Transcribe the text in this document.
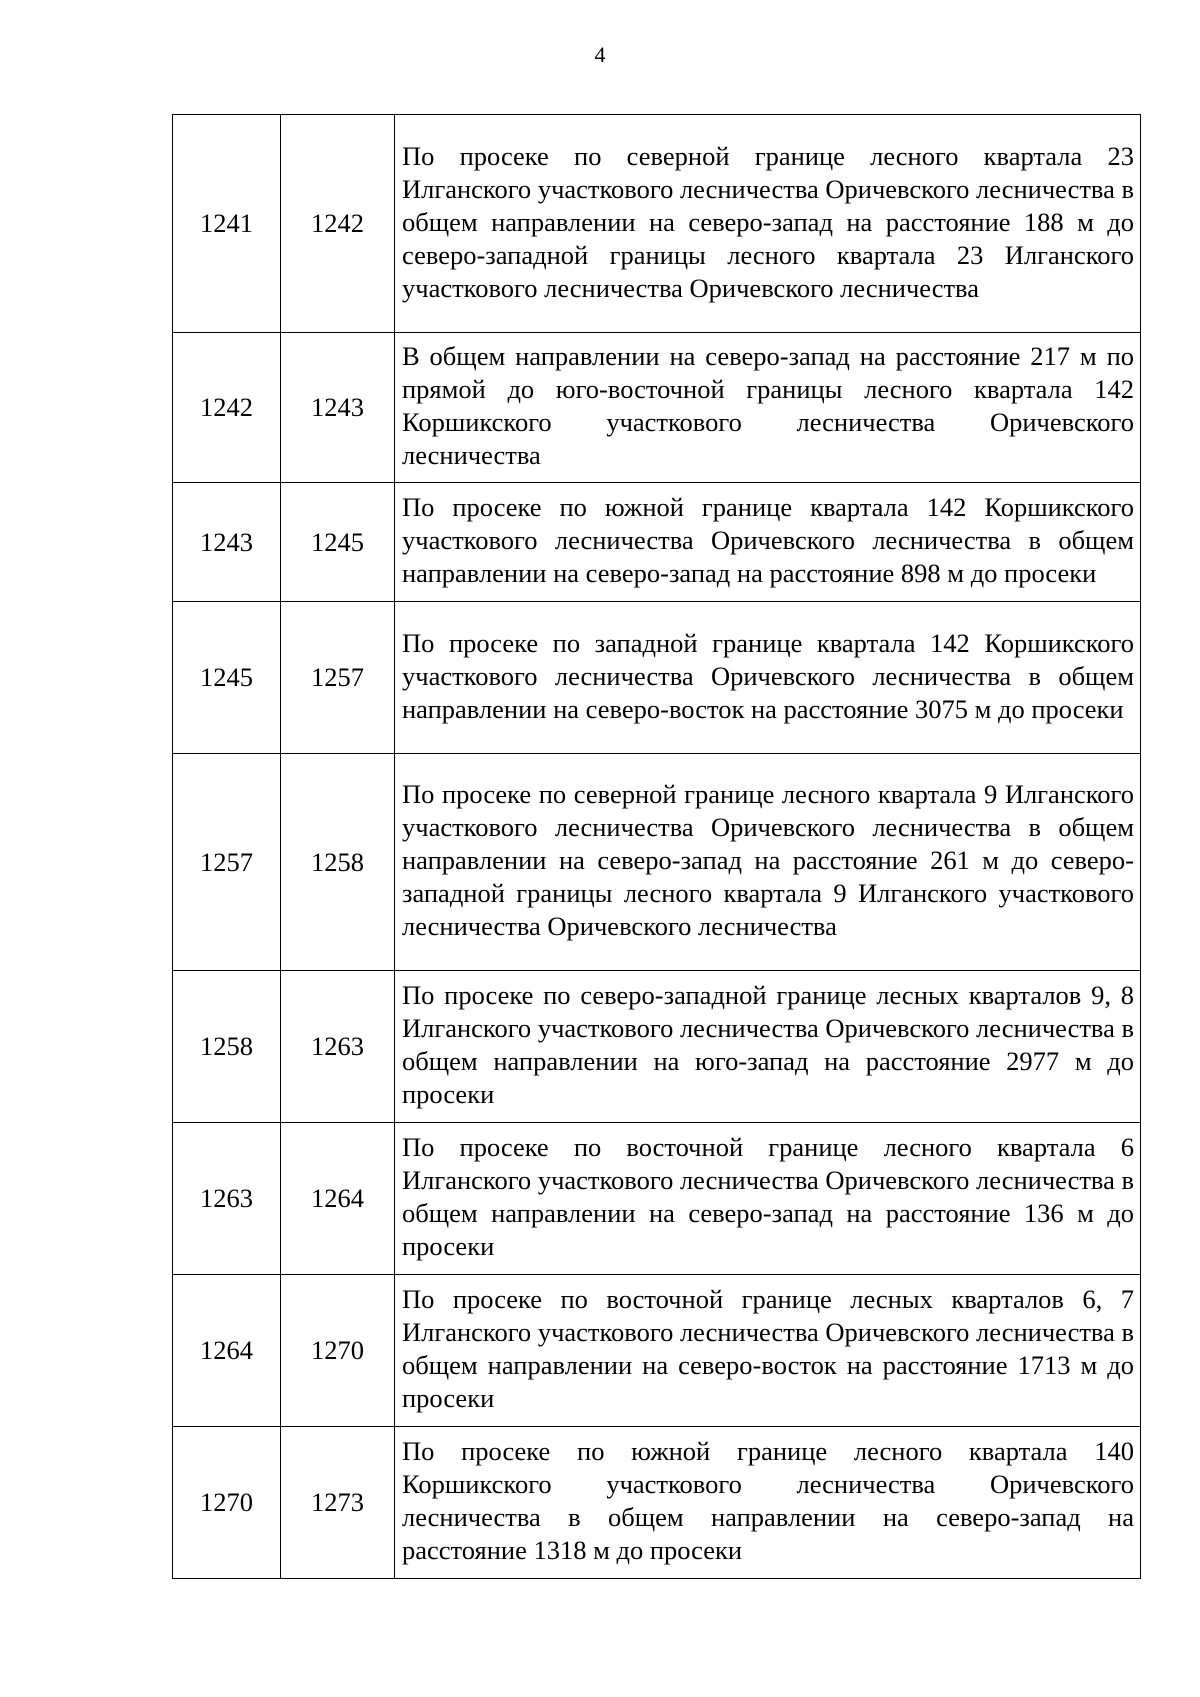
4
1241	1242	По просеке по северной границе лесного квартала 23 Илганского участкового лесничества Оричевского лесничества в общем направлении на северо-запад на расстояние 188 м до северо-западной границы лесного квартала 23 Илганского участкового лесничества Оричевского лесничества
1242	1243	В общем направлении на северо-запад на расстояние 217 м по прямой до юго-восточной границы лесного квартала 142 Коршикского участкового лесничества Оричевского лесничества
1243	1245	По просеке по южной границе квартала 142 Коршикского участкового лесничества Оричевского лесничества в общем направлении на северо-запад на расстояние 898 м до просеки
1245	1257	По просеке по западной границе квартала 142 Коршикского участкового лесничества Оричевского лесничества в общем направлении на северо-восток на расстояние 3075 м до просеки
1257	1258	По просеке по северной границе лесного квартала 9 Илганского участкового лесничества Оричевского лесничества в общем направлении на северо-запад на расстояние 261 м до северо-западной границы лесного квартала 9 Илганского участкового лесничества Оричевского лесничества
1258	1263	По просеке по северо-западной границе лесных кварталов 9, 8 Илганского участкового лесничества Оричевского лесничества в общем направлении на юго-запад на расстояние 2977 м до просеки
1263	1264	По просеке по восточной границе лесного квартала 6 Илганского участкового лесничества Оричевского лесничества в общем направлении на северо-запад на расстояние 136 м до просеки
1264	1270	По просеке по восточной границе лесных кварталов 6, 7 Илганского участкового лесничества Оричевского лесничества в общем направлении на северо-восток на расстояние 1713 м до просеки
1270	1273	По просеке по южной границе лесного квартала 140 Коршикского участкового лесничества Оричевского лесничества в общем направлении на северо-запад на расстояние 1318 м до просеки
